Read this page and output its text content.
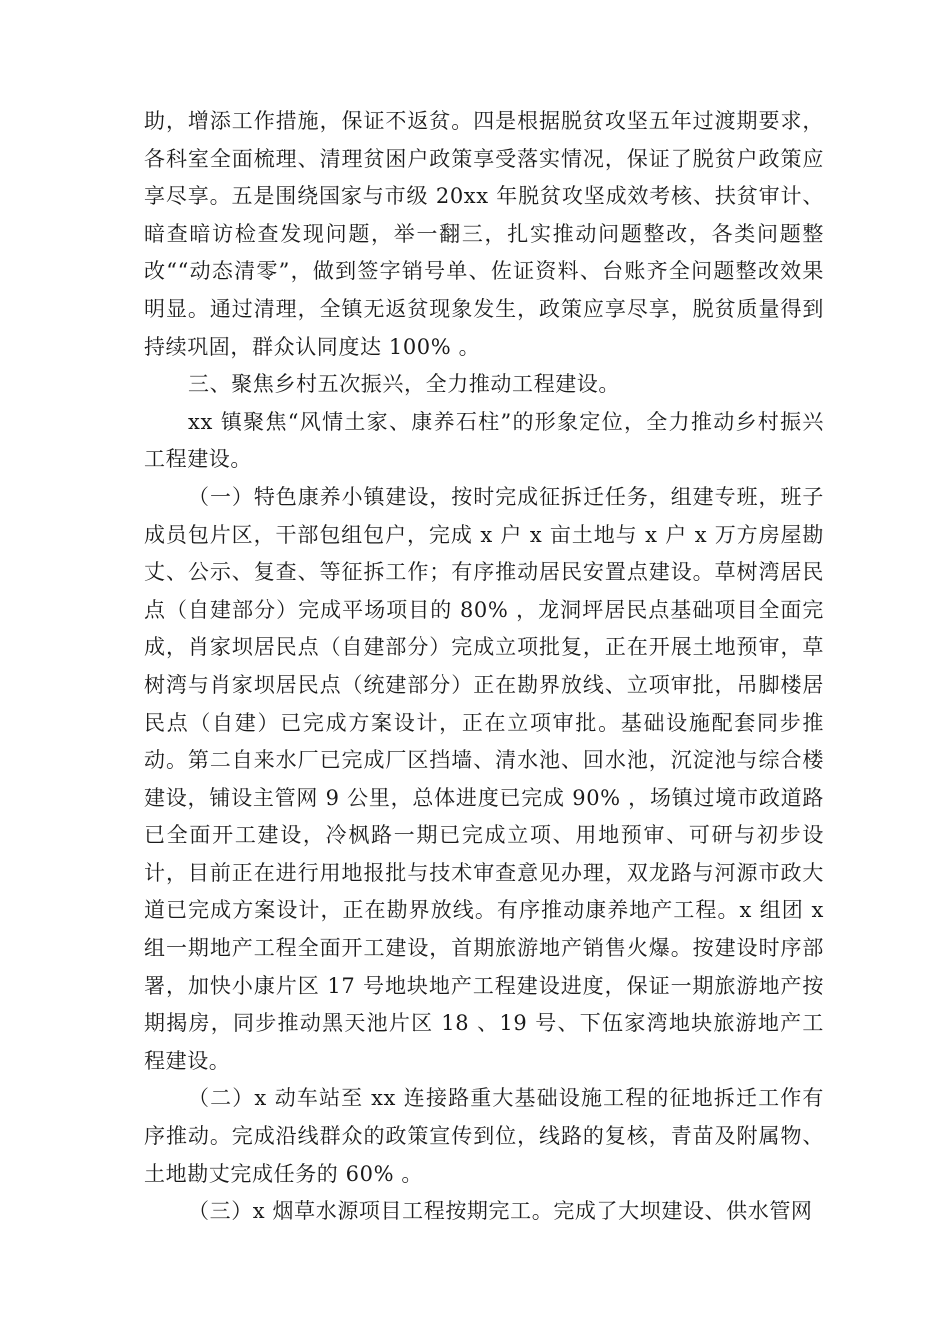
助，增添工作措施，保证不返贫。四是根据脱贫攻坚五年过渡期要求，各科室全面梳理、清理贫困户政策享受落实情况，保证了脱贫户政策应享尽享。五是围绕国家与市级 20xx 年脱贫攻坚成效考核、扶贫审计、暗查暗访检查发现问题，举一翻三，扎实推动问题整改，各类问题整改““动态清零”，做到签字销号单、佐证资料、台账齐全问题整改效果明显。通过清理，全镇无返贫现象发生，政策应享尽享，脱贫质量得到持续巩固，群众认同度达 100% 。

三、聚焦乡村五次振兴，全力推动工程建设。

xx 镇聚焦“风情土家、康养石柱”的形象定位，全力推动乡村振兴工程建设。

（一）特色康养小镇建设，按时完成征拆迁任务，组建专班，班子成员包片区，干部包组包户，完成 x 户 x 亩土地与 x 户 x 万方房屋勘丈、公示、复查、等征拆工作；有序推动居民安置点建设。草树湾居民点（自建部分）完成平场项目的 80% ，龙洞坪居民点基础项目全面完成，肖家坝居民点（自建部分）完成立项批复，正在开展土地预审，草树湾与肖家坝居民点（统建部分）正在勘界放线、立项审批，吊脚楼居民点（自建）已完成方案设计，正在立项审批。基础设施配套同步推动。第二自来水厂已完成厂区挡墙、清水池、回水池，沉淀池与综合楼建设，铺设主管网 9 公里，总体进度已完成 90% ，场镇过境市政道路已全面开工建设，冷枫路一期已完成立项、用地预审、可研与初步设计，目前正在进行用地报批与技术审查意见办理，双龙路与河源市政大道已完成方案设计，正在勘界放线。有序推动康养地产工程。x 组团 x 组一期地产工程全面开工建设，首期旅游地产销售火爆。按建设时序部署，加快小康片区 17 号地块地产工程建设进度，保证一期旅游地产按期揭房，同步推动黑天池片区 18 、19 号、下伍家湾地块旅游地产工程建设。

（二）x 动车站至 xx 连接路重大基础设施工程的征地拆迁工作有序推动。完成沿线群众的政策宣传到位，线路的复核，青苗及附属物、土地勘丈完成任务的 60% 。

（三）x 烟草水源项目工程按期完工。完成了大坝建设、供水管网
